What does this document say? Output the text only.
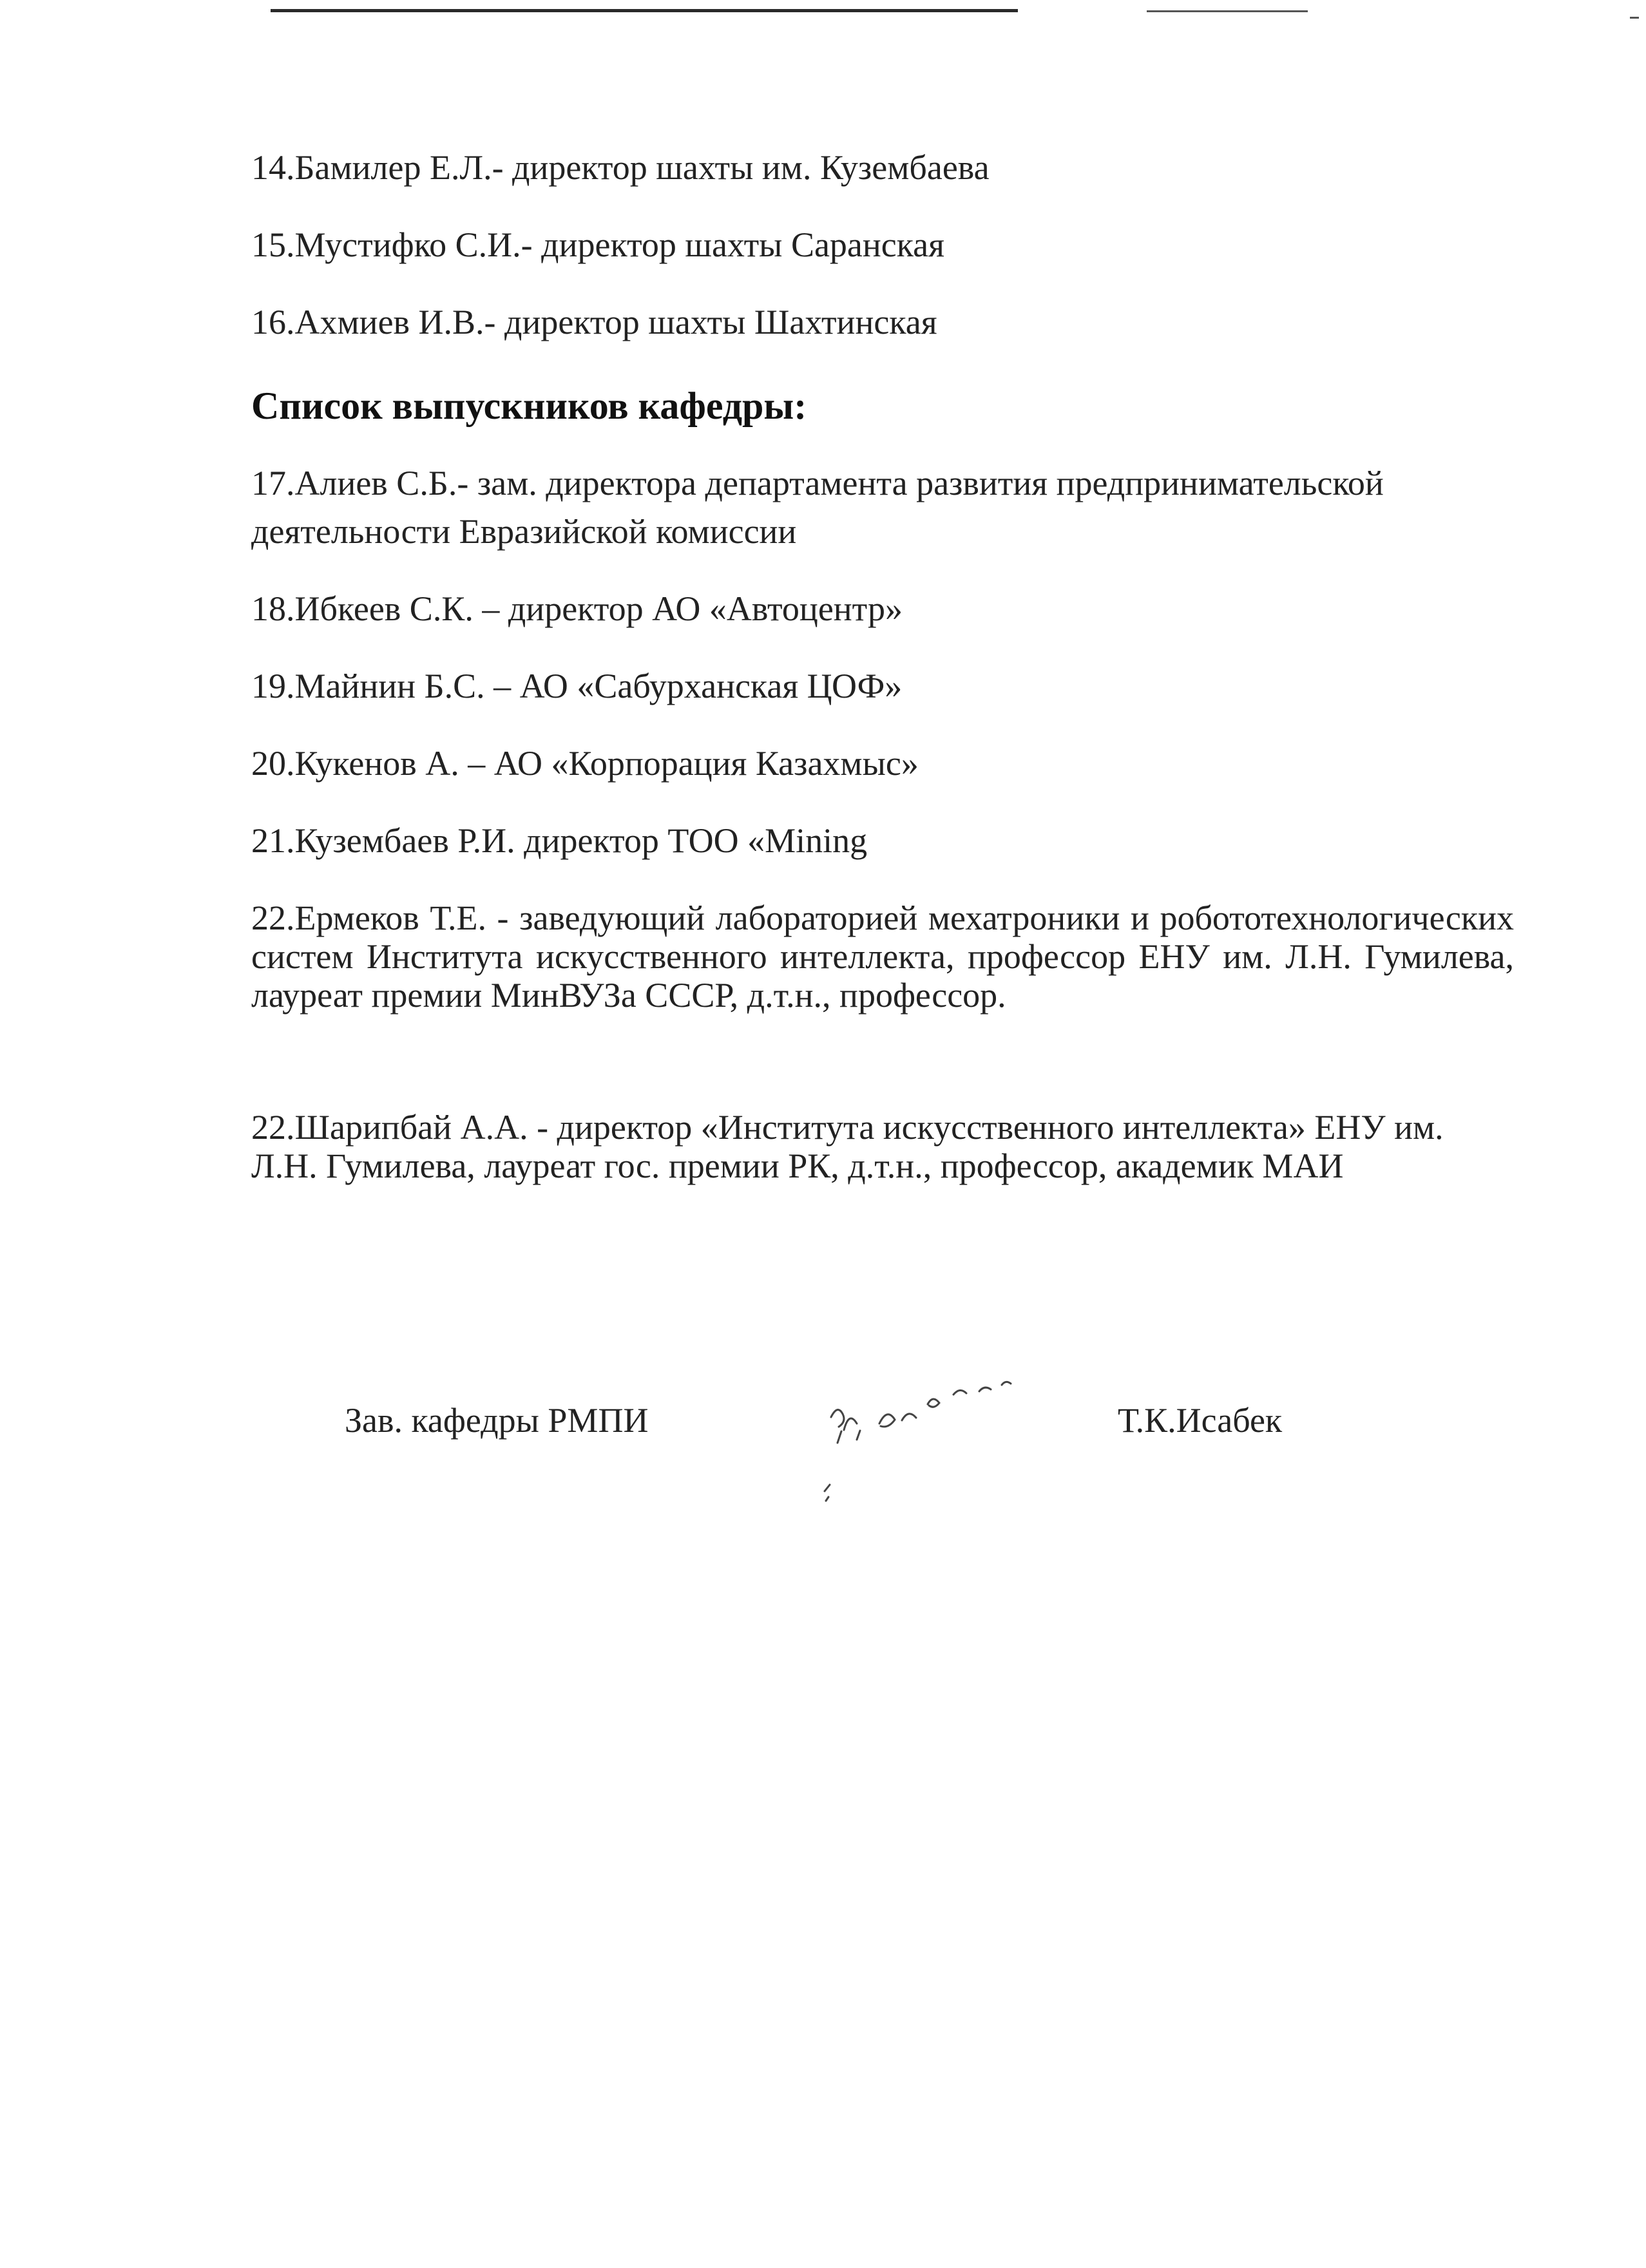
14.Бамилер Е.Л.- директор шахты им. Кузембаева
15.Мустифко С.И.- директор шахты Саранская
16.Ахмиев И.В.- директор шахты Шахтинская
Список выпускников кафедры:
17.Алиев С.Б.- зам. директора департамента развития предпринимательской
деятельности Евразийской комиссии
18.Ибкеев С.К. – директор АО «Автоцентр»
19.Майнин Б.С. – АО «Сабурханская ЦОФ»
20.Кукенов А. – АО «Корпорация Казахмыс»
21.Кузембаев Р.И. директор ТОО «Mining
22.Ермеков Т.Е. - заведующий лабораторией мехатроники и робототехнологических систем Института искусственного интеллекта, профессор ЕНУ им. Л.Н. Гумилева, лауреат премии МинВУЗа СССР, д.т.н., профессор.
22.Шарипбай А.А. - директор «Института искусственного интеллекта» ЕНУ им. Л.Н. Гумилева, лауреат гос. премии РК, д.т.н., профессор, академик МАИ
Зав. кафедры РМПИ	Т.К.Исабек
